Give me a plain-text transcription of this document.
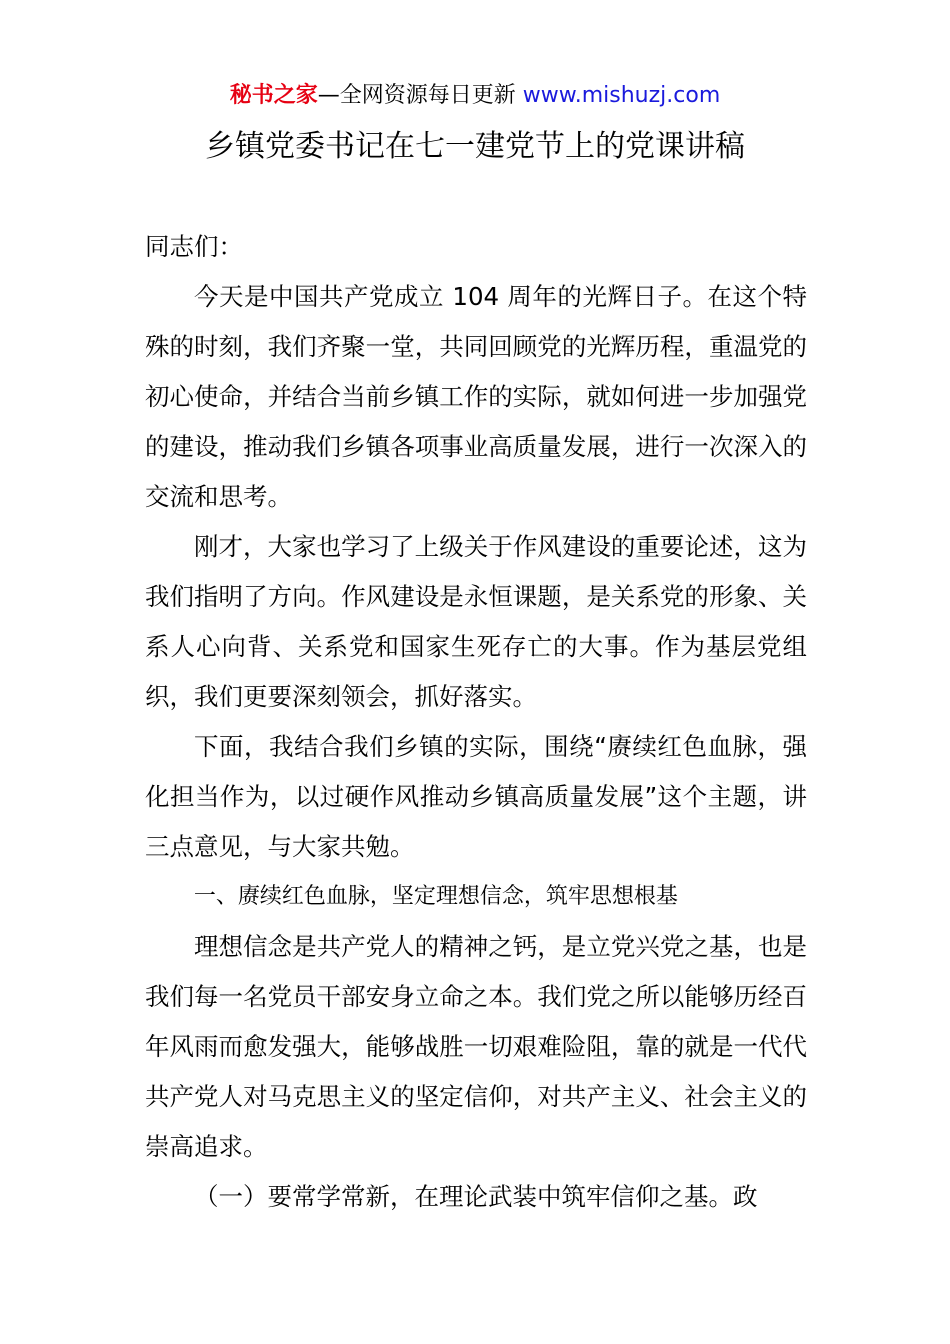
秘书之家—全网资源每日更新 www.mishuzj.com
乡镇党委书记在七一建党节上的党课讲稿

同志们：

今天是中国共产党成立 104 周年的光辉日子。在这个特殊的时刻，我们齐聚一堂，共同回顾党的光辉历程，重温党的初心使命，并结合当前乡镇工作的实际，就如何进一步加强党的建设，推动我们乡镇各项事业高质量发展，进行一次深入的交流和思考。

刚才，大家也学习了上级关于作风建设的重要论述，这为我们指明了方向。作风建设是永恒课题，是关系党的形象、关系人心向背、关系党和国家生死存亡的大事。作为基层党组织，我们更要深刻领会，抓好落实。

下面，我结合我们乡镇的实际，围绕“赓续红色血脉，强化担当作为，以过硬作风推动乡镇高质量发展”这个主题，讲三点意见，与大家共勉。

一、赓续红色血脉，坚定理想信念，筑牢思想根基

理想信念是共产党人的精神之钙，是立党兴党之基，也是我们每一名党员干部安身立命之本。我们党之所以能够历经百年风雨而愈发强大，能够战胜一切艰难险阻，靠的就是一代代共产党人对马克思主义的坚定信仰，对共产主义、社会主义的崇高追求。

（一）要常学常新，在理论武装中筑牢信仰之基。政
